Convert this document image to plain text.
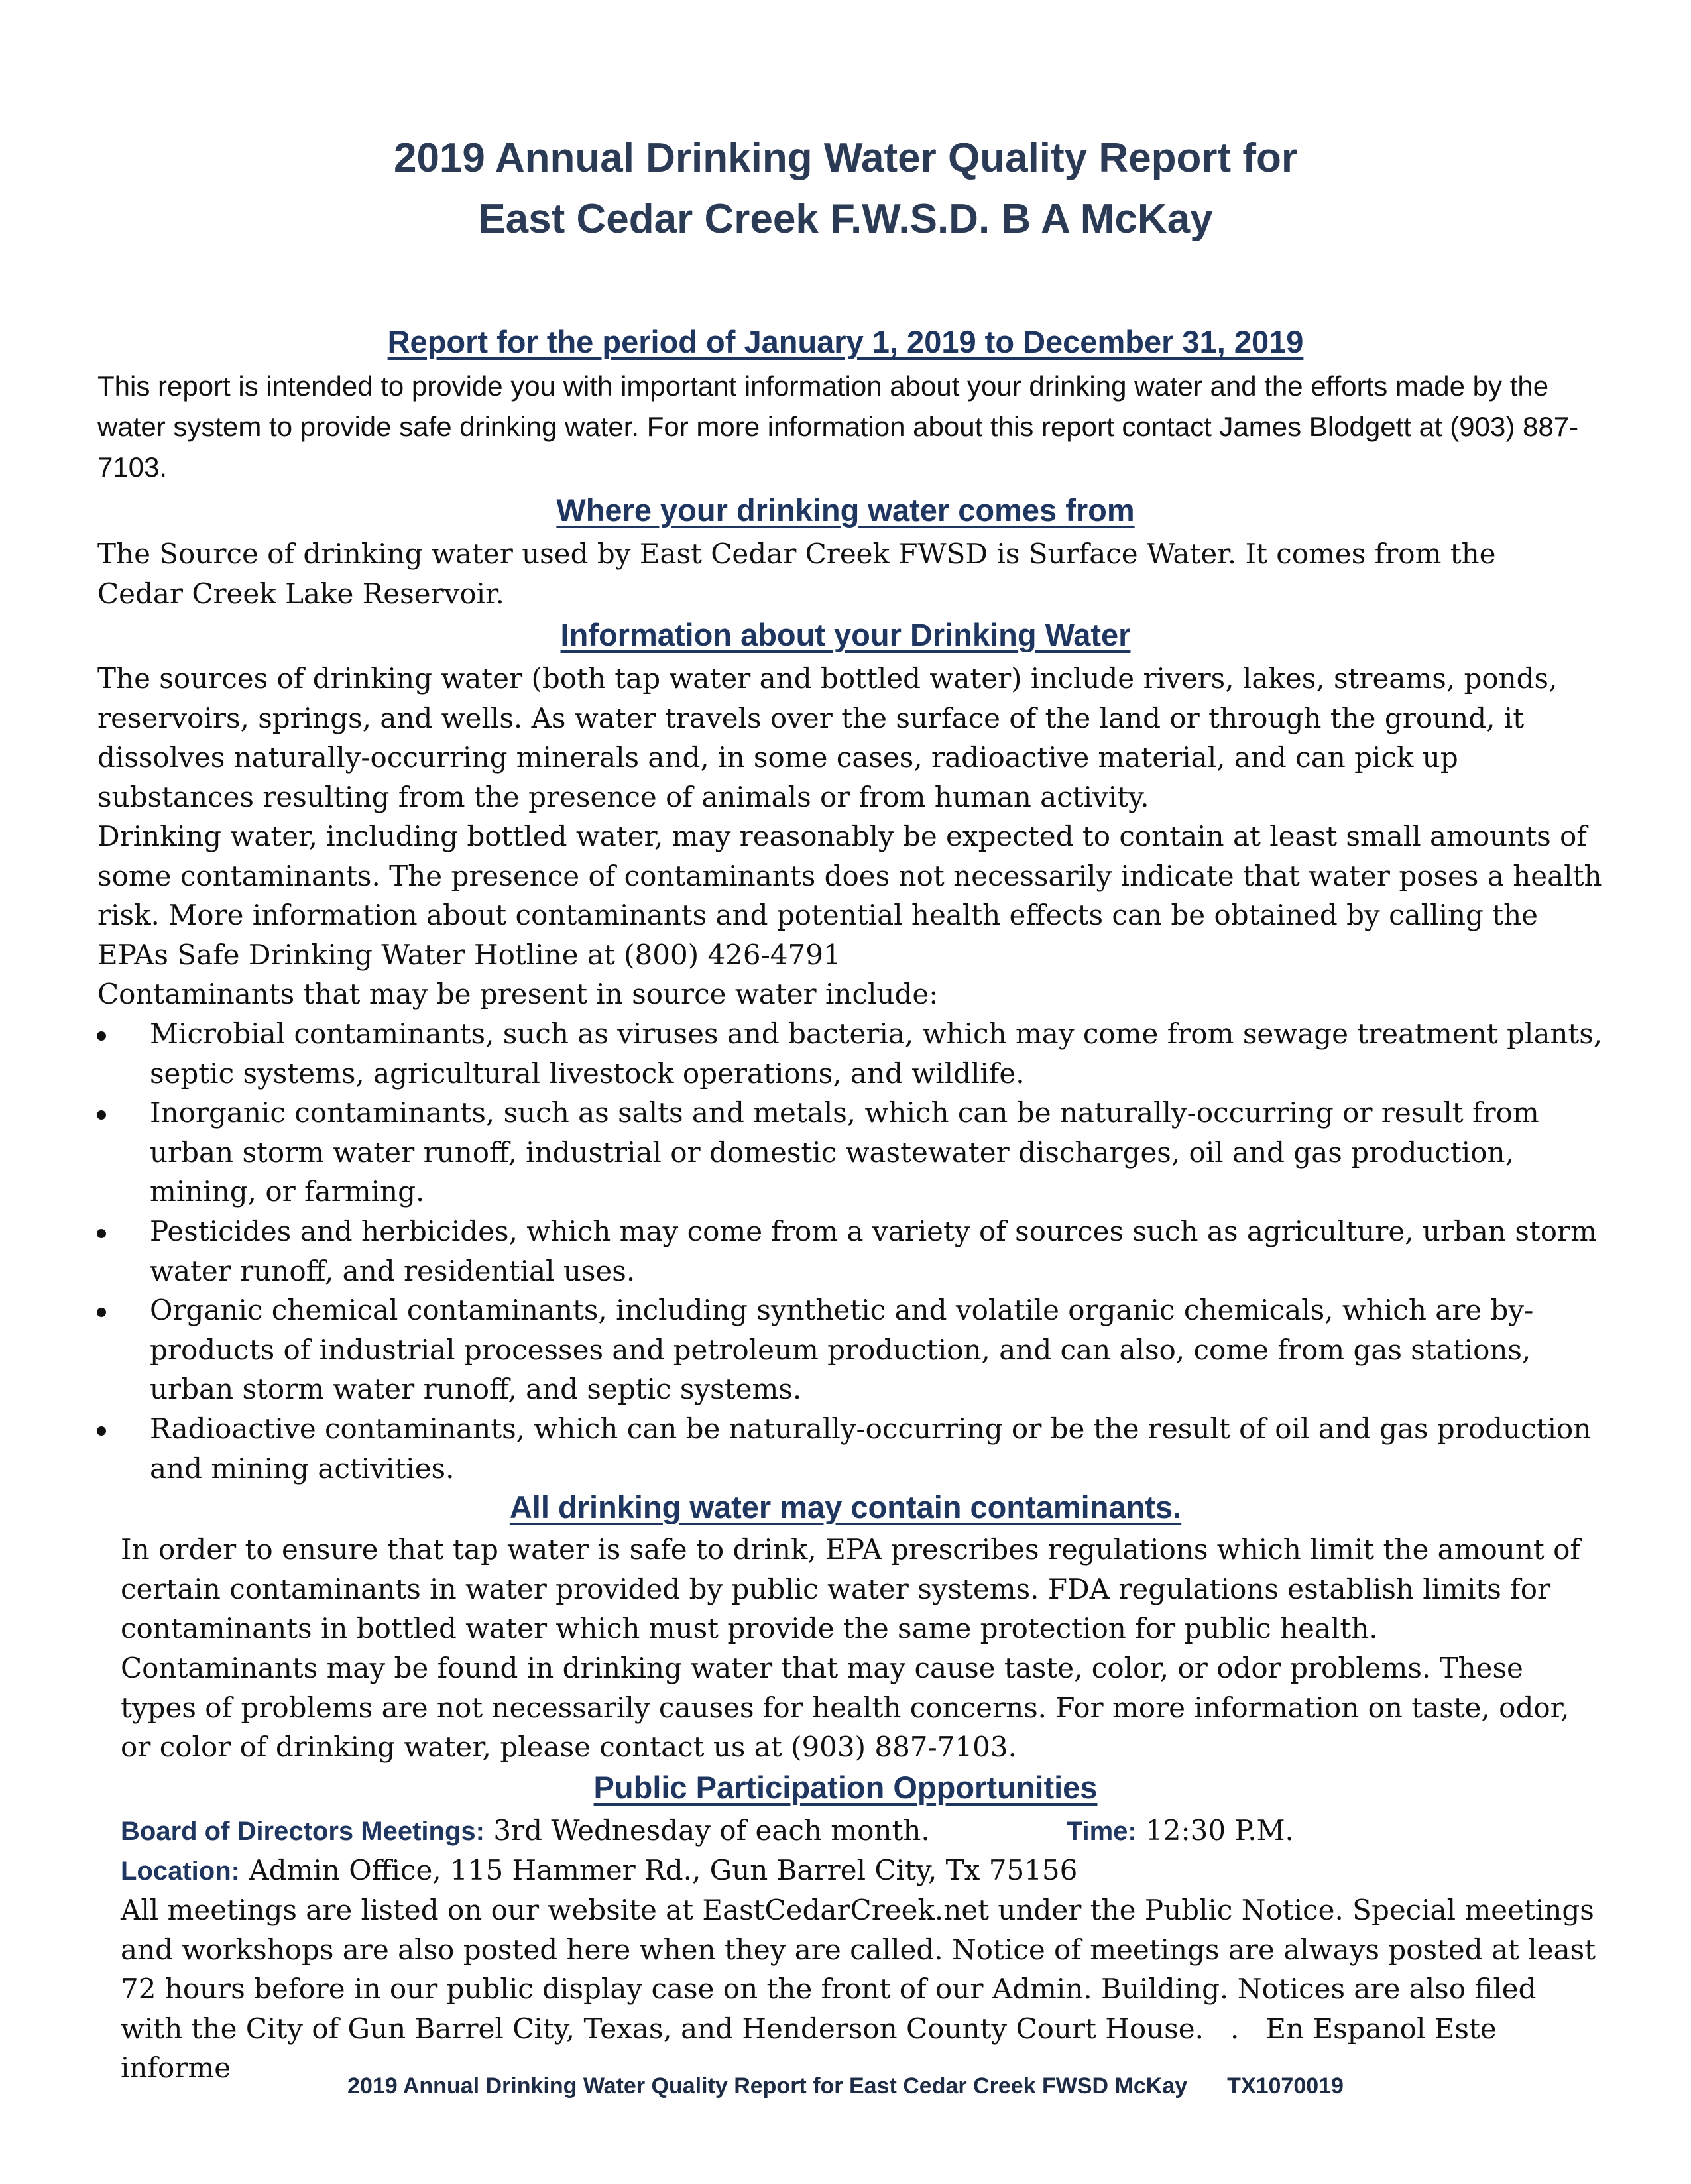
2019 Annual Drinking Water Quality Report for
East Cedar Creek F.W.S.D. B A McKay
Report for the period of January 1, 2019 to December 31, 2019

This report is intended to provide you with important information about your drinking water and the efforts made by the water system to provide safe drinking water. For more information about this report contact James Blodgett at (903) 887-7103.

Where your drinking water comes from

The Source of drinking water used by East Cedar Creek FWSD is Surface Water. It comes from the Cedar Creek Lake Reservoir.

Information about your Drinking Water

The sources of drinking water (both tap water and bottled water) include rivers, lakes, streams, ponds, reservoirs, springs, and wells. As water travels over the surface of the land or through the ground, it dissolves naturally-occurring minerals and, in some cases, radioactive material, and can pick up substances resulting from the presence of animals or from human activity.

Drinking water, including bottled water, may reasonably be expected to contain at least small amounts of some contaminants. The presence of contaminants does not necessarily indicate that water poses a health risk. More information about contaminants and potential health effects can be obtained by calling the EPAs Safe Drinking Water Hotline at (800) 426-4791

Contaminants that may be present in source water include:

Microbial contaminants, such as viruses and bacteria, which may come from sewage treatment plants, septic systems, agricultural livestock operations, and wildlife.
Inorganic contaminants, such as salts and metals, which can be naturally-occurring or result from urban storm water runoff, industrial or domestic wastewater discharges, oil and gas production, mining, or farming.
Pesticides and herbicides, which may come from a variety of sources such as agriculture, urban storm water runoff, and residential uses.
Organic chemical contaminants, including synthetic and volatile organic chemicals, which are by-products of industrial processes and petroleum production, and can also, come from gas stations, urban storm water runoff, and septic systems.
Radioactive contaminants, which can be naturally-occurring or be the result of oil and gas production and mining activities.
All drinking water may contain contaminants.

In order to ensure that tap water is safe to drink, EPA prescribes regulations which limit the amount of certain contaminants in water provided by public water systems. FDA regulations establish limits for contaminants in bottled water which must provide the same protection for public health.

Contaminants may be found in drinking water that may cause taste, color, or odor problems. These types of problems are not necessarily causes for health concerns. For more information on taste, odor, or color of drinking water, please contact us at (903) 887-7103.

Public Participation Opportunities
Board of Directors Meetings: 3rd Wednesday of each month.	Time: 12:30 P.M.
Location: Admin Office, 115 Hammer Rd., Gun Barrel City, Tx 75156

All meetings are listed on our website at EastCedarCreek.net under the Public Notice. Special meetings and workshops are also posted here when they are called. Notice of meetings are always posted at least 72 hours before in our public display case on the front of our Admin. Building. Notices are also filed with the City of Gun Barrel City, Texas, and Henderson County Court House.   .   En Espanol Este informe

2019 Annual Drinking Water Quality Report for East Cedar Creek FWSD McKay TX1070019
